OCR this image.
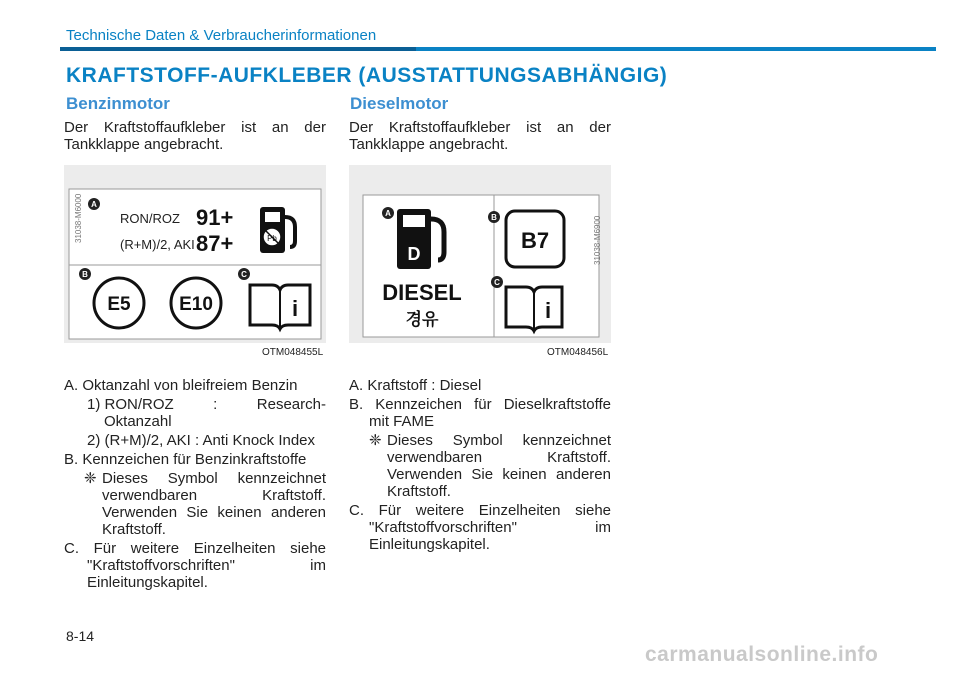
Technische Daten & Verbraucherinformationen
KRAFTSTOFF-AUFKLEBER (AUSSTATTUNGSABHÄNGIG)
Benzinmotor
Der Kraftstoffaufkleber ist an der Tankklappe angebracht.
31038-M6000 A
RON/ROZ 91+
(R+M)/2, AKI 87+	Pb
B
E5	E10
C
i
OTM048455L

A. Oktanzahl von bleifreiem Benzin

1) RON/ROZ	:	Research-

Oktanzahl

2) (R+M)/2, AKI : Anti Knock Index

B. Kennzeichen für Benzinkraftstoffe

❈ Dieses Symbol kennzeichnet
verwendbaren Kraftstoff.
Verwenden Sie keinen anderen
Kraftstoff.

C. Für weitere Einzelheiten siehe

"Kraftstoffvorschriften" im

Einleitungskapitel.

Dieselmotor
Der Kraftstoffaufkleber ist an der Tankklappe angebracht.
31038-M6900
A
D
DIESEL
경유
B
B7
C
i
OTM048456L

A. Kraftstoff : Diesel

B. Kennzeichen für Dieselkraftstoffe

mit FAME

❈ Dieses Symbol kennzeichnet
verwendbaren Kraftstoff.
Verwenden Sie keinen anderen
Kraftstoff.

C. Für weitere Einzelheiten siehe

"Kraftstoffvorschriften" im

Einleitungskapitel.

8-14
carmanualsonline.info
